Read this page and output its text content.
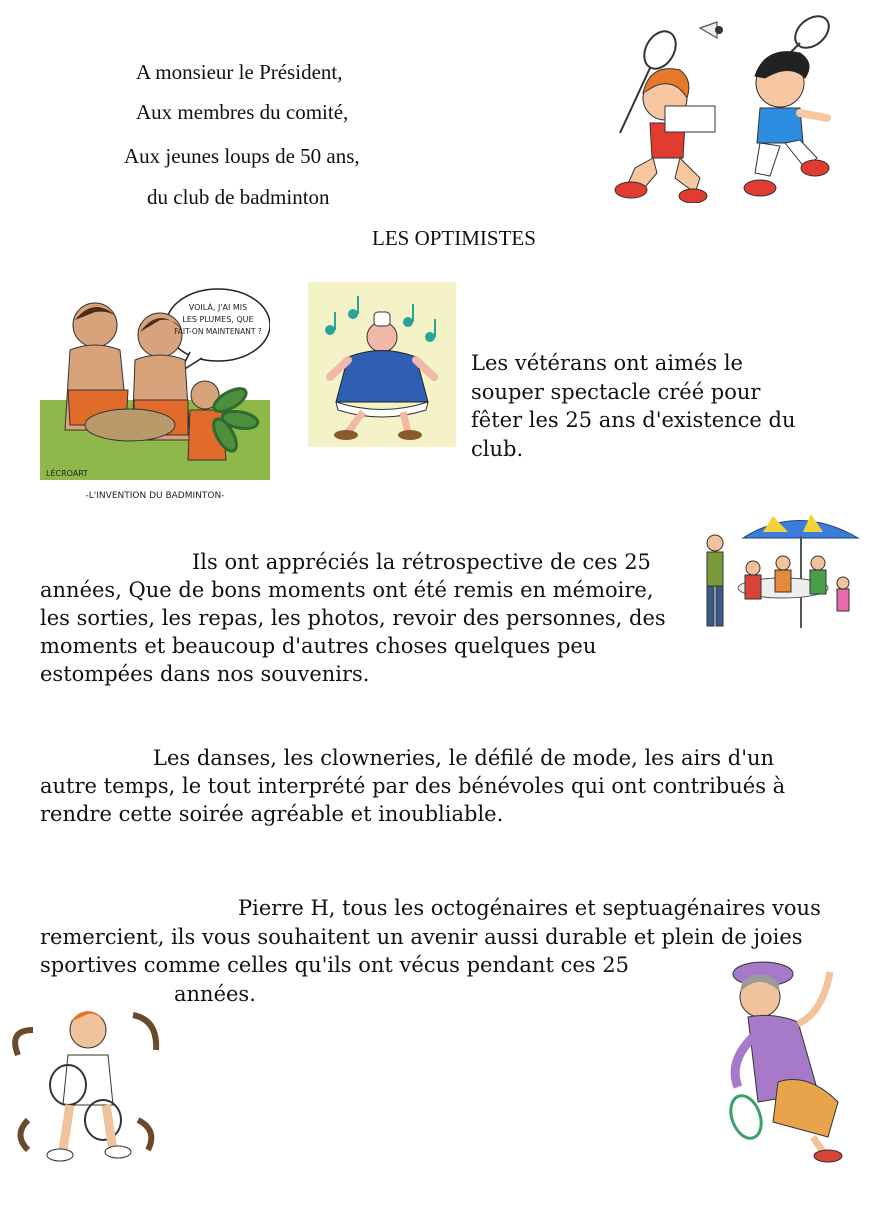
A monsieur le Président,
Aux membres du comité,
Aux jeunes loups de 50 ans,
du club de badminton
LES OPTIMISTES
VOILÀ, J'AI MIS
LES PLUMES, QUE
FAIT-ON MAINTENANT ?
LÉCROART
-L'INVENTION DU BADMINTON-
Les vétérans ont aimés le
souper spectacle créé pour
fêter les 25 ans d'existence du
club.
Ils ont appréciés la rétrospective de ces 25
années, Que de bons moments ont été remis en mémoire,
les sorties, les repas, les photos, revoir des personnes, des
moments et beaucoup d'autres choses quelques peu
estompées dans nos souvenirs.
Les danses, les clowneries, le défilé de mode, les airs d'un
autre temps, le tout interprété par des bénévoles qui ont contribués à
rendre cette soirée agréable et inoubliable.
Pierre H, tous les octogénaires et septuagénaires vous
remercient, ils vous souhaitent un avenir aussi durable et plein de joies
sportives comme celles qu'ils ont vécus pendant ces 25
années.
